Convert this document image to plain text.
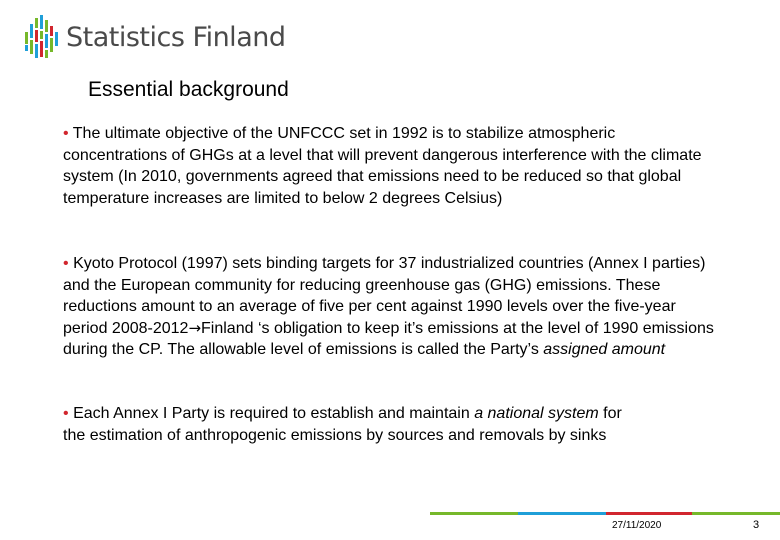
Statistics Finland
Essential background
• The ultimate objective of the UNFCCC set in 1992 is to stabilize atmospheric concentrations of GHGs at a level that will prevent dangerous interference with the climate system (In 2010, governments agreed that emissions need to be reduced so that global temperature increases are limited to below 2 degrees Celsius)
• Kyoto Protocol (1997) sets binding targets for 37 industrialized countries (Annex I parties) and the European community for reducing greenhouse gas (GHG) emissions. These reductions amount to an average of five per cent against 1990 levels over the five-year period 2008-2012→Finland ‘s obligation to keep it’s emissions at the level of 1990 emissions during the CP. The allowable level of emissions is called the Party’s assigned amount
• Each Annex I Party is required to establish and maintain a national system for the estimation of anthropogenic emissions by sources and removals by sinks
27/11/2020	3
